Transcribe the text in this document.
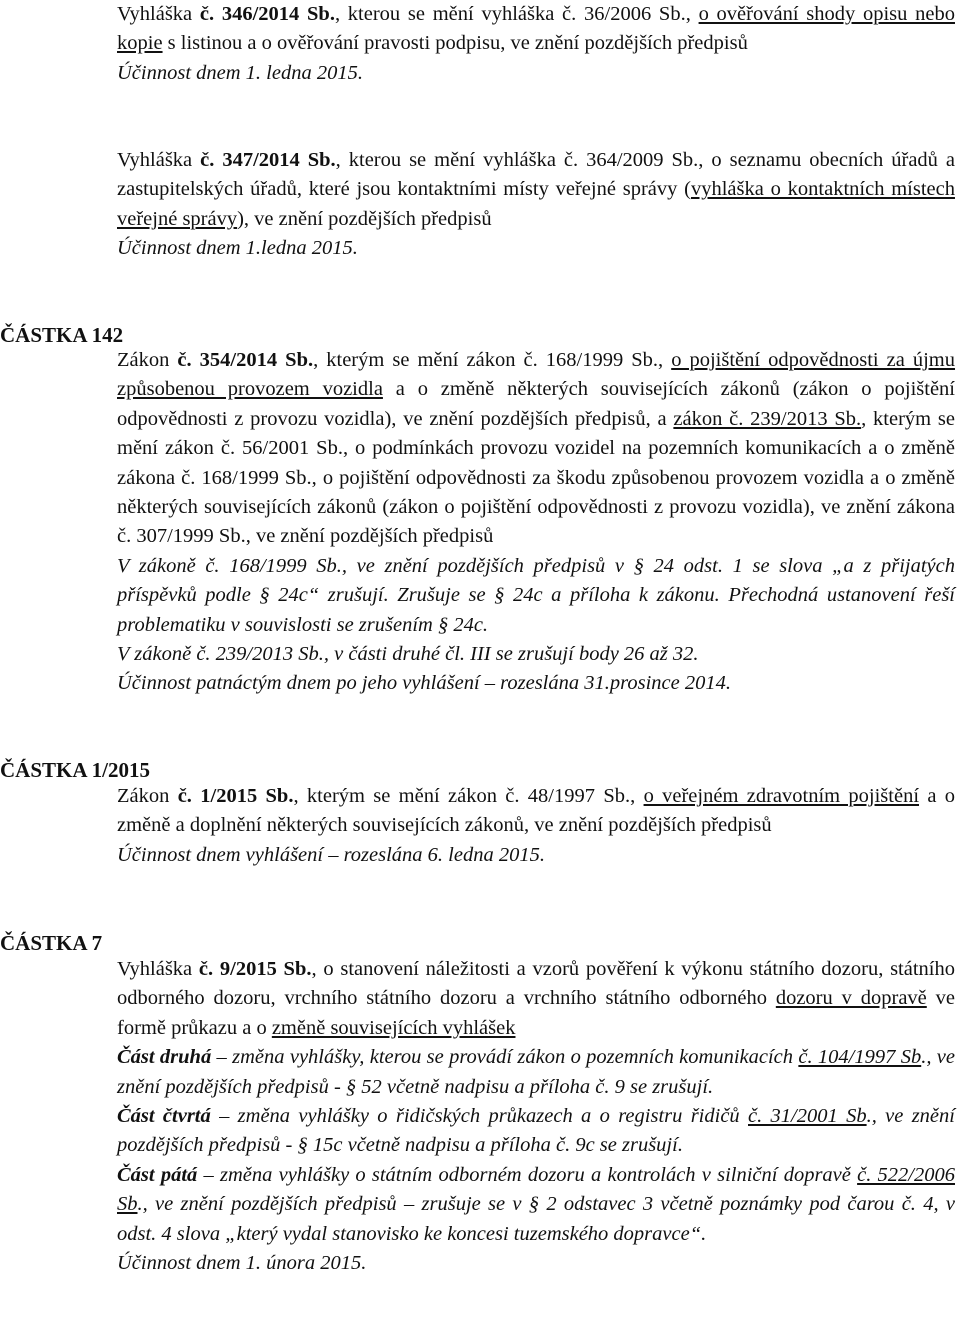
Vyhláška č. 346/2014 Sb., kterou se mění vyhláška č. 36/2006 Sb., o ověřování shody opisu nebo kopie s listinou a o ověřování pravosti podpisu, ve znění pozdějších předpisů

Účinnost dnem 1. ledna 2015.

Vyhláška č. 347/2014 Sb., kterou se mění vyhláška č. 364/2009 Sb., o seznamu obecních úřadů a zastupitelských úřadů, které jsou kontaktními místy veřejné správy (vyhláška o kontaktních místech veřejné správy), ve znění pozdějších předpisů

Účinnost dnem 1.ledna 2015.

ČÁSTKA 142

Zákon č. 354/2014 Sb., kterým se mění zákon č. 168/1999 Sb., o pojištění odpovědnosti za újmu způsobenou provozem vozidla a o změně některých souvisejících zákonů (zákon o pojištění odpovědnosti z provozu vozidla), ve znění pozdějších předpisů, a zákon č. 239/2013 Sb., kterým se mění zákon č. 56/2001 Sb., o podmínkách provozu vozidel na pozemních komunikacích a o změně zákona č. 168/1999 Sb., o pojištění odpovědnosti za škodu způsobenou provozem vozidla a o změně některých souvisejících zákonů (zákon o pojištění odpovědnosti z provozu vozidla), ve znění zákona č. 307/1999 Sb., ve znění pozdějších předpisů

V zákoně č. 168/1999 Sb., ve znění pozdějších předpisů v § 24 odst. 1 se slova „a z přijatých příspěvků podle § 24c“ zrušují. Zrušuje se § 24c a příloha k zákonu. Přechodná ustanovení řeší problematiku v souvislosti se zrušením § 24c.

V zákoně č. 239/2013 Sb., v části druhé čl. III se zrušují body 26 až 32.

Účinnost patnáctým dnem po jeho vyhlášení – rozeslána 31.prosince 2014.

ČÁSTKA 1/2015

Zákon č. 1/2015 Sb., kterým se mění zákon č. 48/1997 Sb., o veřejném zdravotním pojištění a o změně a doplnění některých souvisejících zákonů, ve znění pozdějších předpisů

Účinnost dnem vyhlášení – rozeslána 6. ledna 2015.

ČÁSTKA 7

Vyhláška č. 9/2015 Sb., o stanovení náležitosti a vzorů pověření k výkonu státního dozoru, státního odborného dozoru, vrchního státního dozoru a vrchního státního odborného dozoru v dopravě ve formě průkazu a o změně souvisejících vyhlášek

Část druhá – změna vyhlášky, kterou se provádí zákon o pozemních komunikacích č. 104/1997 Sb., ve znění pozdějších předpisů - § 52 včetně nadpisu a příloha č. 9 se zrušují.

Část čtvrtá – změna vyhlášky o řidičských průkazech a o registru řidičů č. 31/2001 Sb., ve znění pozdějších předpisů - § 15c včetně nadpisu a příloha č. 9c se zrušují.

Část pátá – změna vyhlášky o státním odborném dozoru a kontrolách v silniční dopravě č. 522/2006 Sb., ve znění pozdějších předpisů – zrušuje se v § 2 odstavec 3 včetně poznámky pod čarou č. 4, v odst. 4 slova „který vydal stanovisko ke koncesi tuzemského dopravce“.

Účinnost dnem 1. února 2015.
